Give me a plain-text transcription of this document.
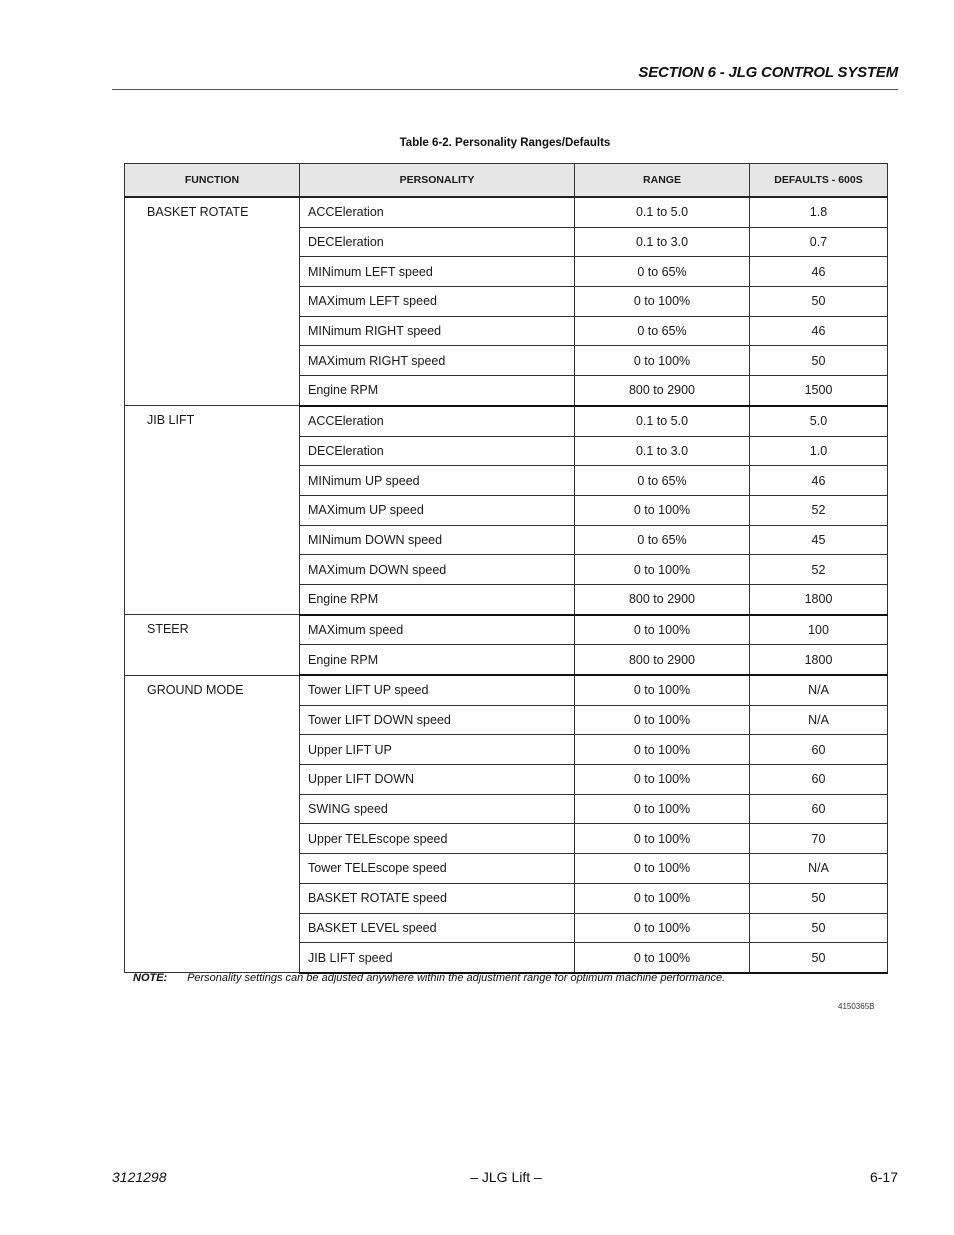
SECTION 6 - JLG CONTROL SYSTEM
Table 6-2. Personality Ranges/Defaults
FUNCTION	PERSONALITY	RANGE	DEFAULTS - 600S
BASKET ROTATE	ACCEleration	0.1 to 5.0	1.8
	DECEleration	0.1 to 3.0	0.7
	MINimum LEFT speed	0 to 65%	46
	MAXimum LEFT speed	0 to 100%	50
	MINimum RIGHT speed	0 to 65%	46
	MAXimum RIGHT speed	0 to 100%	50
	Engine RPM	800 to 2900	1500
JIB LIFT	ACCEleration	0.1 to 5.0	5.0
	DECEleration	0.1 to 3.0	1.0
	MINimum UP speed	0 to 65%	46
	MAXimum UP speed	0 to 100%	52
	MINimum DOWN speed	0 to 65%	45
	MAXimum DOWN speed	0 to 100%	52
	Engine RPM	800 to 2900	1800
STEER	MAXimum speed	0 to 100%	100
	Engine RPM	800 to 2900	1800
GROUND MODE	Tower LIFT UP speed	0 to 100%	N/A
	Tower LIFT DOWN speed	0 to 100%	N/A
	Upper LIFT UP	0 to 100%	60
	Upper LIFT DOWN	0 to 100%	60
	SWING speed	0 to 100%	60
	Upper TELEscope speed	0 to 100%	70
	Tower TELEscope speed	0 to 100%	N/A
	BASKET ROTATE speed	0 to 100%	50
	BASKET LEVEL speed	0 to 100%	50
	JIB LIFT speed	0 to 100%	50
NOTE: Personality settings can be adjusted anywhere within the adjustment range for optimum machine performance.
4150365B
3121298	– JLG Lift –	6-17
